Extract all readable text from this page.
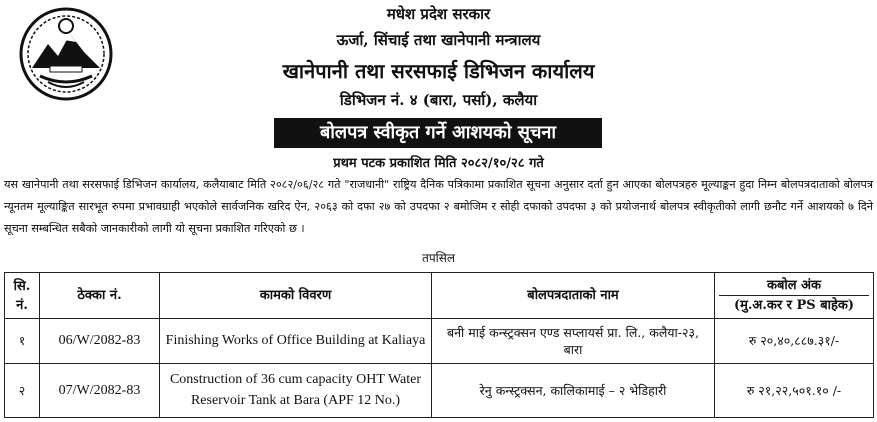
मधेश प्रदेश सरकार
ऊर्जा, सिंचाई तथा खानेपानी मन्त्रालय
खानेपानी तथा सरसफाई डिभिजन कार्यालय
डिभिजन नं. ४ (बारा, पर्सा), कलैया
बोलपत्र स्वीकृत गर्ने आशयको सूचना
प्रथम पटक प्रकाशित मिति २०८२/१०/२८ गते

यस खानेपानी तथा सरसफाई डिभिजन कार्यालय, कलैयाबाट मिति २०८२/०६/२८ गते "राजधानी" राष्ट्रिय दैनिक पत्रिकामा प्रकाशित सूचना अनुसार दर्ता हुन आएका बोलपत्रहरु मूल्याङ्कन हुदा निम्न बोलपत्रदाताको बोलपत्र न्यूनतम मूल्याङ्कित सारभूत रुपमा प्रभावग्राही भएकोले सार्वजनिक खरिद ऐन, २०६३ को दफा २७ को उपदफा २ बमोजिम र सोही दफाको उपदफा ३ को प्रयोजनार्थ बोलपत्र स्वीकृतीको लागी छनौट गर्ने आशयको ७ दिने सूचना सम्बन्धित सबैको जानकारीको लागी यो सूचना प्रकाशित गरिएको छ ।

तपसिल
सि. नं.	ठेक्का नं.	कामको विवरण	बोलपत्रदाताको नाम	कबोल अंक
(मु.अ.कर र PS बाहेक)

१	06/W/2082-83	Finishing Works of Office Building at Kaliaya	बनी माई कन्स्ट्रक्सन एण्ड सप्लायर्स प्रा. लि., कलैया-२३, बारा	रु २०,४०,८८७.३१/-
२	07/W/2082-83	Construction of 36 cum capacity OHT Water Reservoir Tank at Bara (APF 12 No.)	रेनु कन्स्ट्रक्सन, कालिकामाई – २ भेडिहारी	रु २१,२२,५०१.१० /-
